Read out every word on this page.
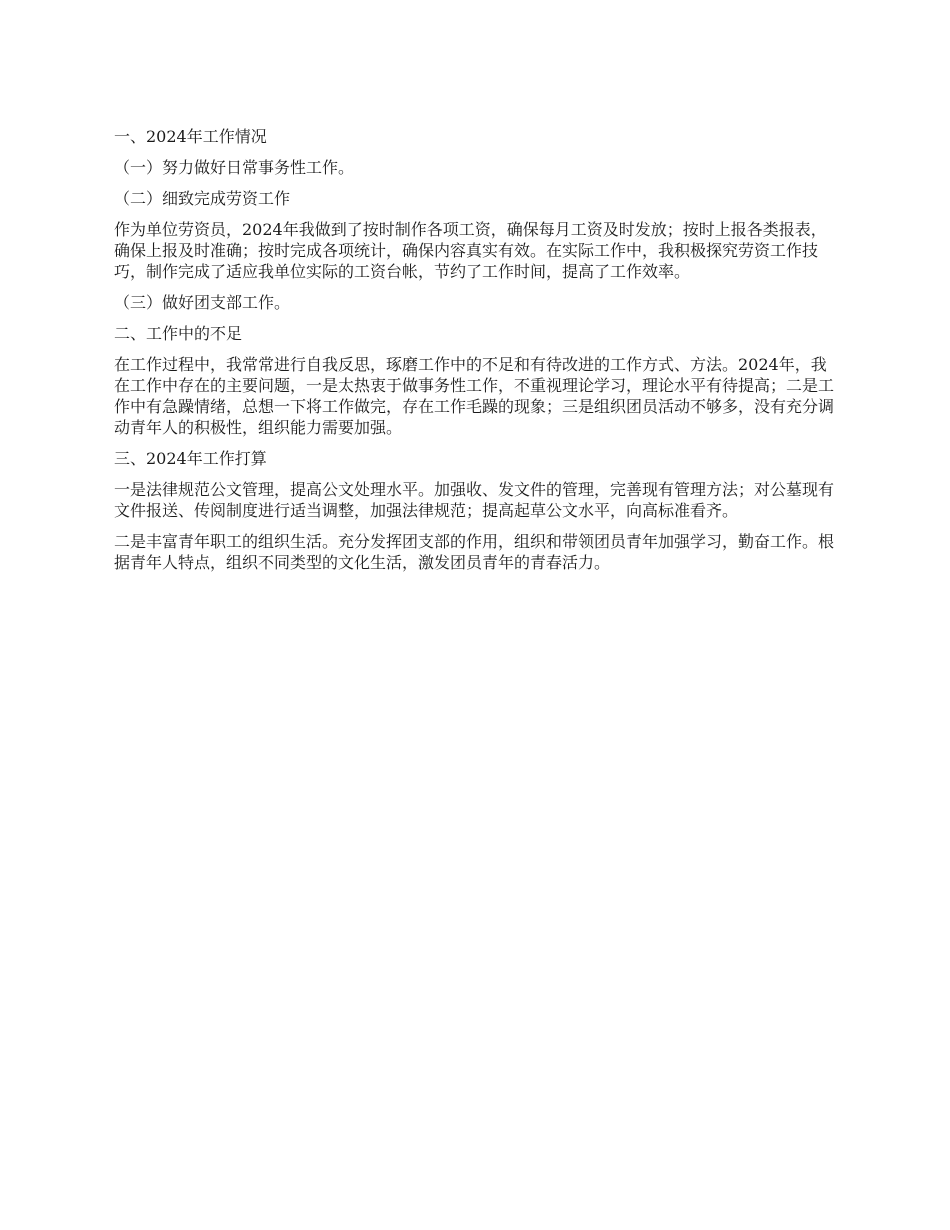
一、2024年工作情况

（一）努力做好日常事务性工作。

（二）细致完成劳资工作

作为单位劳资员，2024年我做到了按时制作各项工资，确保每月工资及时发放；按时上报各类报表，确保上报及时准确；按时完成各项统计，确保内容真实有效。在实际工作中，我积极探究劳资工作技巧，制作完成了适应我单位实际的工资台帐，节约了工作时间，提高了工作效率。

（三）做好团支部工作。

二、工作中的不足

在工作过程中，我常常进行自我反思，琢磨工作中的不足和有待改进的工作方式、方法。2024年，我在工作中存在的主要问题，一是太热衷于做事务性工作，不重视理论学习，理论水平有待提高；二是工作中有急躁情绪，总想一下将工作做完，存在工作毛躁的现象；三是组织团员活动不够多，没有充分调动青年人的积极性，组织能力需要加强。

三、2024年工作打算

一是法律规范公文管理，提高公文处理水平。加强收、发文件的管理，完善现有管理方法；对公墓现有文件报送、传阅制度进行适当调整，加强法律规范；提高起草公文水平，向高标准看齐。

二是丰富青年职工的组织生活。充分发挥团支部的作用，组织和带领团员青年加强学习，勤奋工作。根据青年人特点，组织不同类型的文化生活，激发团员青年的青春活力。
